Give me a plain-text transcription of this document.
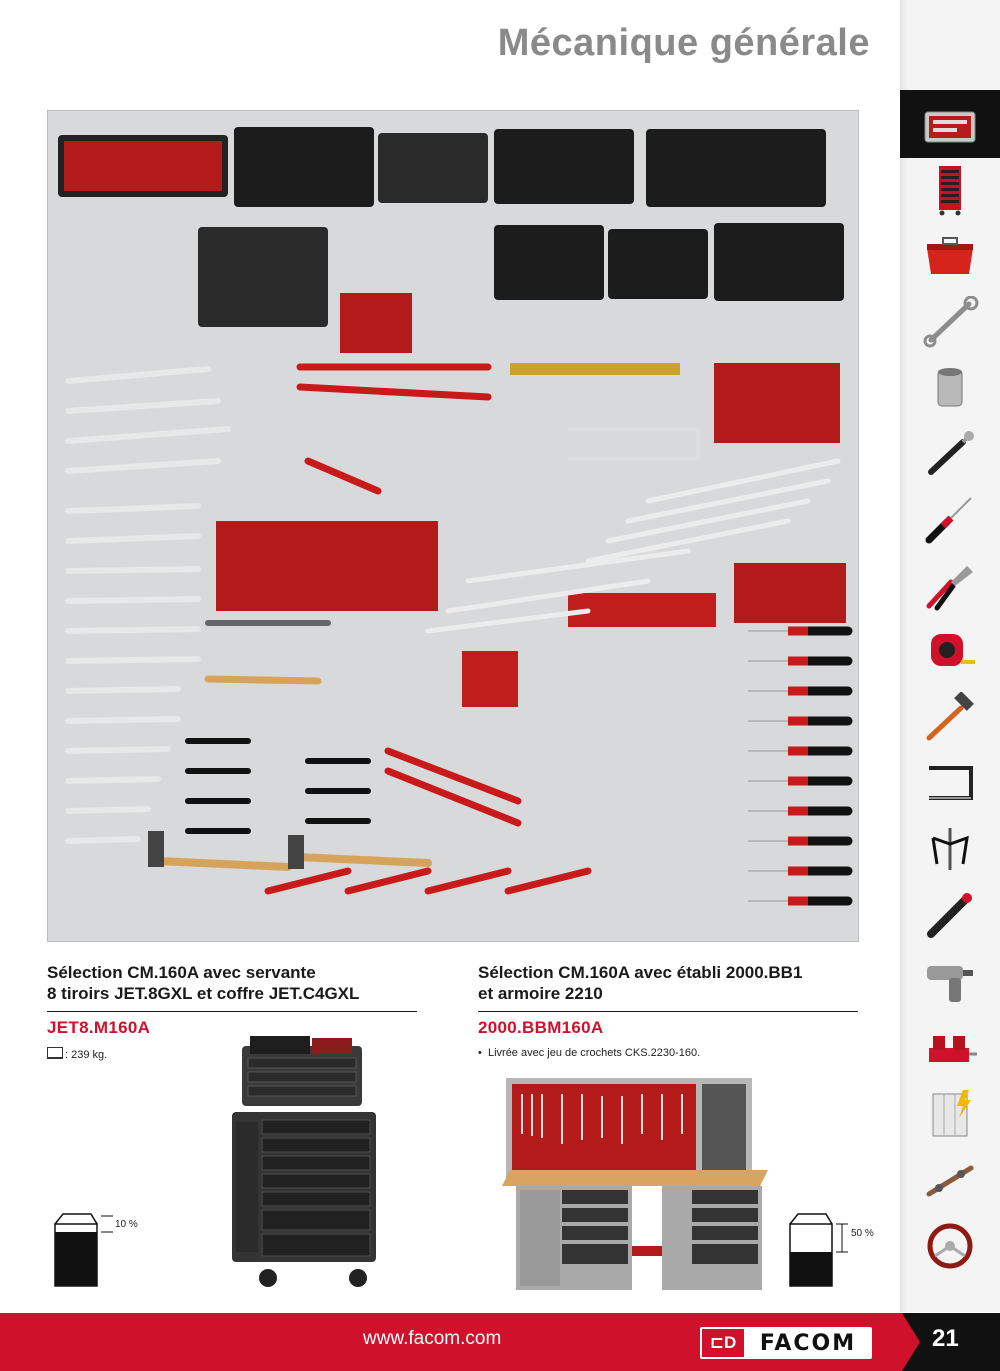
Mécanique générale
Sélection CM.160A avec servante
8 tiroirs JET.8GXL et coffre JET.C4GXL
JET8.M160A
: 239 kg.
10 %
Sélection CM.160A avec établi 2000.BB1
et armoire 2210
2000.BBM160A
•  Livrée avec jeu de crochets CKS.2230-160.
50 %
www.facom.com	⊏D	FACOM	21
